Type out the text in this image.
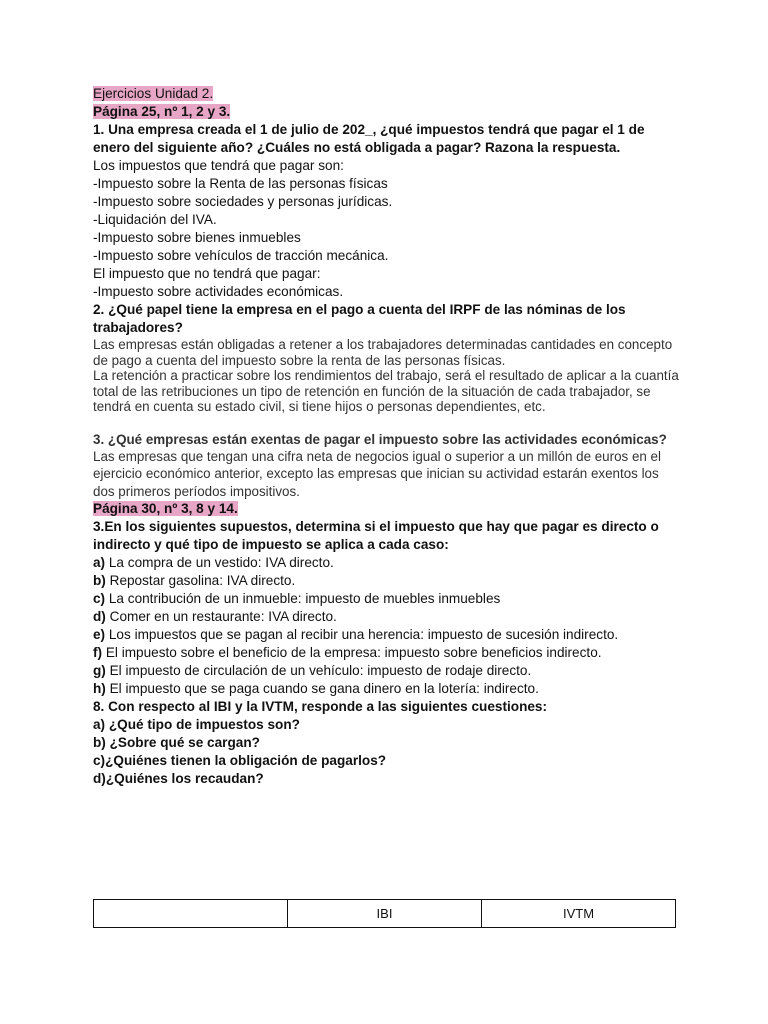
Ejercicios Unidad 2.

Página 25, nº 1, 2 y 3.

1. Una empresa creada el 1 de julio de 202_, ¿qué impuestos tendrá que pagar el 1 de enero del siguiente año? ¿Cuáles no está obligada a pagar? Razona la respuesta.

Los impuestos que tendrá que pagar son:

-Impuesto sobre la Renta de las personas físicas

-Impuesto sobre sociedades y personas jurídicas.

-Liquidación del IVA.

-Impuesto sobre bienes inmuebles

-Impuesto sobre vehículos de tracción mecánica.

El impuesto que no tendrá que pagar:

-Impuesto sobre actividades económicas.

2. ¿Qué papel tiene la empresa en el pago a cuenta del IRPF de las nóminas de los trabajadores?

Las empresas están obligadas a retener a los trabajadores determinadas cantidades en concepto de pago a cuenta del impuesto sobre la renta de las personas físicas.

La retención a practicar sobre los rendimientos del trabajo, será el resultado de aplicar a la cuantía total de las retribuciones un tipo de retención en función de la situación de cada trabajador, se tendrá en cuenta su estado civil, si tiene hijos o personas dependientes, etc.

3. ¿Qué empresas están exentas de pagar el impuesto sobre las actividades económicas?

Las empresas que tengan una cifra neta de negocios igual o superior a un millón de euros en el ejercicio económico anterior, excepto las empresas que inician su actividad estarán exentos los dos primeros períodos impositivos.

Página 30, nº 3, 8 y 14.

3.En los siguientes supuestos, determina si el impuesto que hay que pagar es directo o indirecto y qué tipo de impuesto se aplica a cada caso:

a) La compra de un vestido: IVA directo.

b) Repostar gasolina: IVA directo.

c) La contribución de un inmueble: impuesto de muebles inmuebles

d) Comer en un restaurante: IVA directo.

e) Los impuestos que se pagan al recibir una herencia: impuesto de sucesión indirecto.

f) El impuesto sobre el beneficio de la empresa: impuesto sobre beneficios indirecto.

g) El impuesto de circulación de un vehículo: impuesto de rodaje directo.

h) El impuesto que se paga cuando se gana dinero en la lotería: indirecto.

8. Con respecto al IBI y la IVTM, responde a las siguientes cuestiones:

a) ¿Qué tipo de impuestos son?

b) ¿Sobre qué se cargan?

c)¿Quiénes tienen la obligación de pagarlos?

d)¿Quiénes los recaudan?

	IBI	IVTM
